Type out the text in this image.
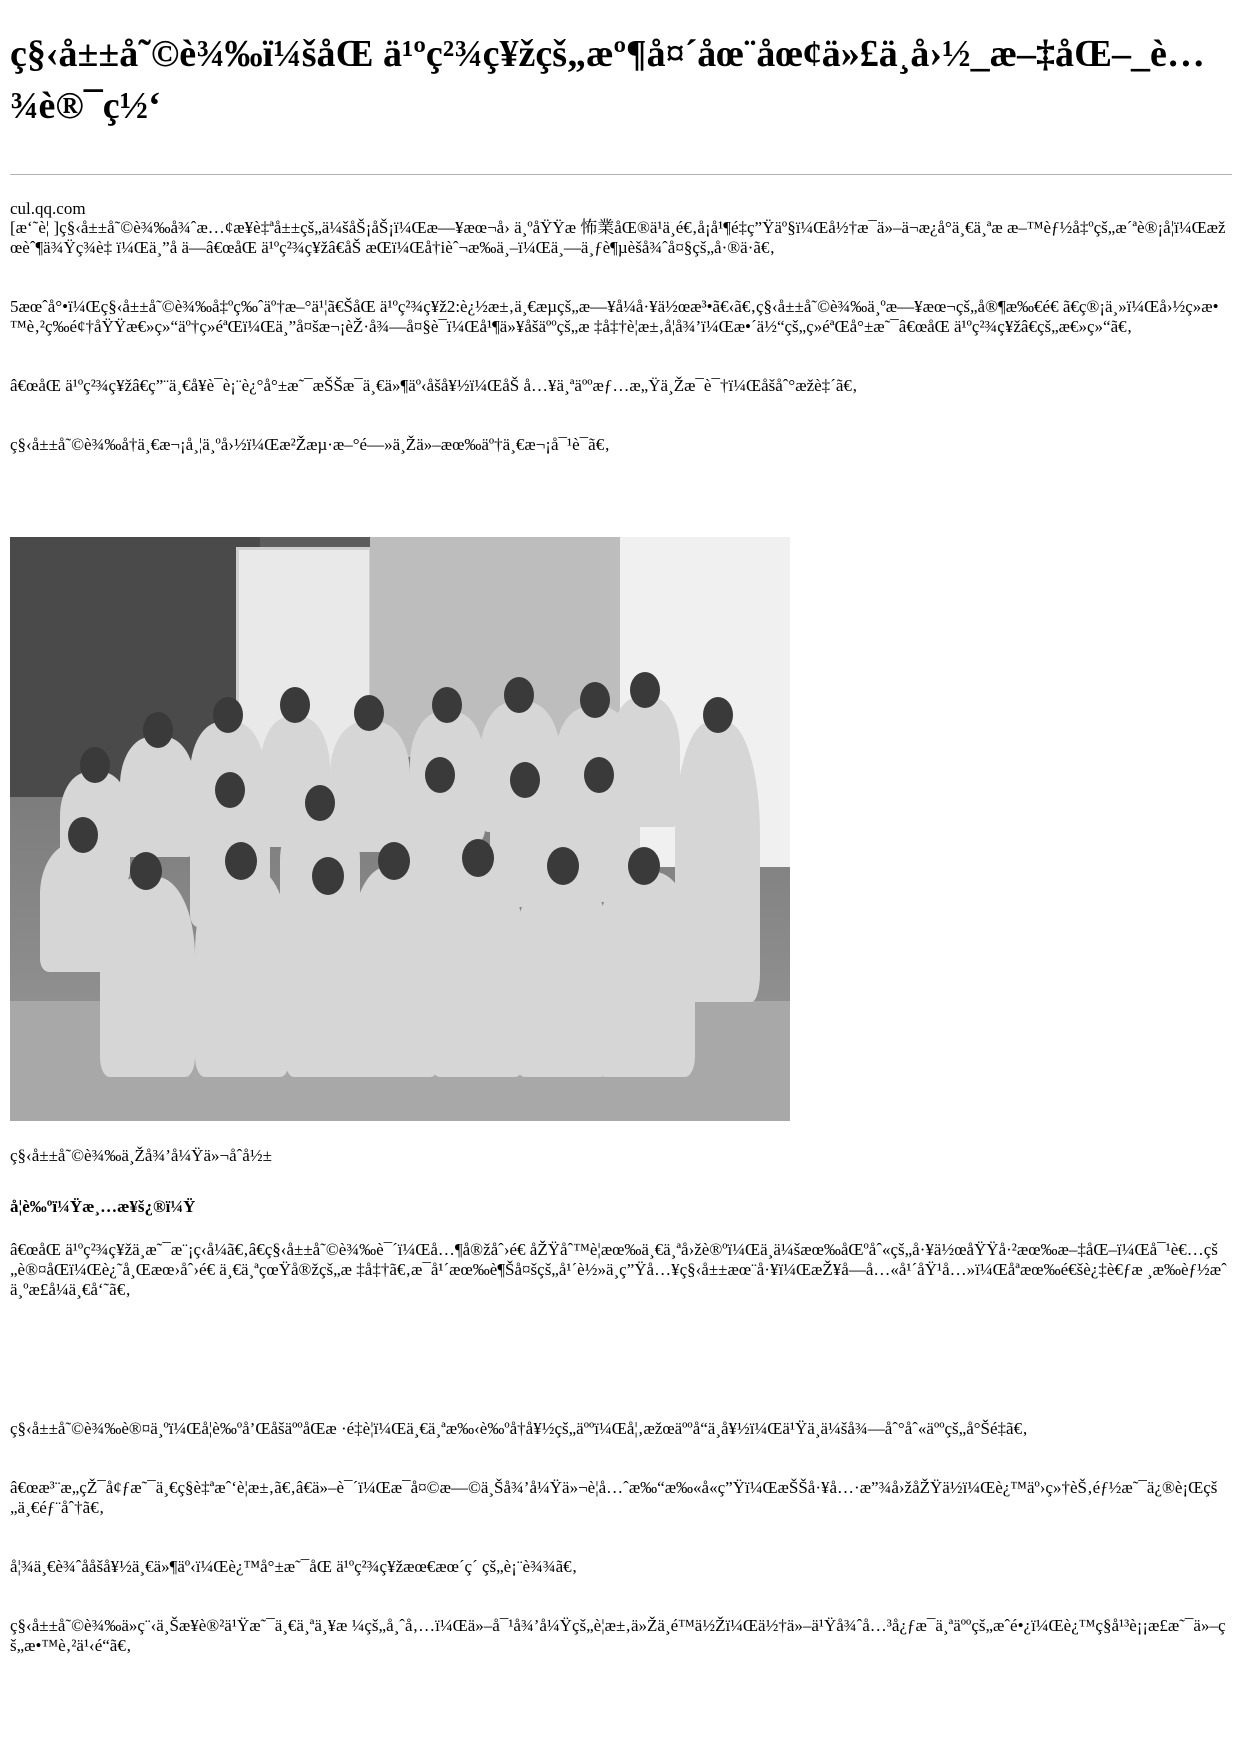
ç§‹å±±å˜©è¾‰ï¼šåŒ ä¹ºç²¾ç¥žçš„æº¶å¤´åœ¨åœ¢ä»£ä¸å›½_æ–‡åŒ–_è…¾è®¯ç½‘
cul.qq.com

[æ‘˜è¦ ]ç§‹å±±å˜©è¾‰å¾ˆæ…¢æ¥è‡ªå±±çš„ä¼šåŠ¡åŠ¡ï¼Œæ—¥æœ¬å› ä¸ºåŸŸæ 怖業åŒ®ä¹ä¸é€‚å¡å¹¶é‡ç”Ÿäº§ï¼Œå½†æ¯ä»–ä¬æ¿å°ä¸€ä¸ªæ æ–™èƒ½å‡ºçš„æ´ªè®¡å¦ï¼Œæžœèˆ¶ä¾Ÿç¾è‡ ï¼Œä¸”å ä—â€œåŒ ä¹ºç²¾ç¥žâ€åŠ æŒï¼Œå†ièˆ¬æ‰ä¸–ï¼Œä¸—ä¸ƒè¶µèšå¾ˆå¤§çš„å·®ä·ã€‚

5æœˆå°•ï¼Œç§‹å±±å˜©è¾‰å‡ºç‰ˆäº†æ–°ä¹¦ã€ŠåŒ ä¹ºç²¾ç¥ž2:è¿½æ±‚ä¸€æµçš„æ—¥å¼å·¥ä½œæ³•ã€‹ã€‚ç§‹å±±å˜©è¾‰ä¸ºæ—¥æœ¬çš„å®¶æ‰€é€ ã€ç®¡ä¸»ï¼Œå›½ç»æ•™è‚²ç‰é¢†åŸŸæ€»ç»“äº†ç»éªŒï¼Œä¸”å¤šæ¬¡èŽ·å¾—å¤§è¯ï¼Œå¹¶ä»¥åšäººçš„æ ‡å‡†è¦æ±‚å¦å¾’ï¼Œæ•´ä½“çš„ç»éªŒå°±æ˜¯â€œåŒ ä¹ºç²¾ç¥žâ€çš„æ€»ç»“ã€‚

â€œåŒ ä¹ºç²¾ç¥žâ€ç”¨ä¸€å¥è¯è¡¨è¿°å°±æ˜¯æŠŠæ¯ä¸€ä»¶äº‹åšå¥½ï¼ŒåŠ å…¥ä¸ªäººæƒ…æ„Ÿä¸Žæ¯è¯†ï¼Œåšåˆ°æžè‡´ã€‚

ç§‹å±±å˜©è¾‰å†ä¸€æ¬¡å¸¦ä¸ºå›½ï¼Œæ²Žæµ·æ–°é—»ä¸Žä»–æœ‰äº†ä¸€æ¬¡å¯¹è¯ã€‚

ç§‹å±±å˜©è¾‰ä¸Žå¾’å¼Ÿä»¬åˆå½±
å¦è‰ºï¼Ÿæ¸…æ¥š¿®ï¼Ÿ

â€œåŒ ä¹ºç²¾ç¥žä¸æ˜¯æ¨¡ç‹å¼ã€‚â€ç§‹å±±å˜©è¾‰è¯´ï¼Œå…¶å®žåˆ›é€ åŽŸåˆ™è¦æœ‰ä¸€ä¸ªå›žè®ºï¼Œä¸ä¼šæœ‰åŒºåˆ«çš„å·¥ä½œåŸŸå·²æœ‰æ–‡åŒ–ï¼Œå¯¹è€…çš„è®¤åŒï¼Œè¿˜å¸Œæœ›åˆ›é€ ä¸€ä¸ªçœŸå®žçš„æ ‡å‡†ã€‚æ¯å¹´æœ‰è¶Šå¤šçš„å¹´è½»ä¸ç”Ÿå…¥ç§‹å±±æœ¨å·¥ï¼ŒæŽ¥å—å…«å¹´åŸ¹å…»ï¼Œåªæœ‰é€šè¿‡è€ƒæ ¸æ‰èƒ½æˆä¸ºæ£å¼ä¸€å‘˜ã€‚

ç§‹å±±å˜©è¾‰è®¤ä¸ºï¼Œå¦è‰ºå’ŒåšäººåŒæ ·é‡è¦ï¼Œä¸€ä¸ªæ‰‹è‰ºå†å¥½çš„äººï¼Œå¦‚æžœäººå“ä¸å¥½ï¼Œä¹Ÿä¸ä¼šå¾—åˆ°åˆ«äººçš„å°Šé‡ã€‚

â€œæ³¨æ„çŽ¯å¢ƒæ˜¯ä¸€ç§è‡ªæˆ‘è¦æ±‚ã€‚â€ä»–è¯´ï¼Œæ¯å¤©æ—©ä¸Šå¾’å¼Ÿä»¬è¦å…ˆæ‰“æ‰«å«ç”Ÿï¼ŒæŠŠå·¥å…·æ”¾å›žåŽŸä½ï¼Œè¿™äº›ç»†èŠ‚éƒ½æ˜¯ä¿®è¡Œçš„ä¸€éƒ¨åˆ†ã€‚

å¦¾ä¸€è¾ˆååšå¥½ä¸€ä»¶äº‹ï¼Œè¿™å°±æ˜¯åŒ ä¹ºç²¾ç¥žæœ€æœ´ç´ çš„è¡¨è¾¾ã€‚

ç§‹å±±å˜©è¾‰ä»ç¨‹ä¸Šæ¥è®²ä¹Ÿæ˜¯ä¸€ä¸ªä¸¥æ ¼çš„å¸ˆå‚…ï¼Œä»–å¯¹å¾’å¼Ÿçš„è¦æ±‚ä»Žä¸é™ä½Žï¼Œä½†ä»–ä¹Ÿå¾ˆå…³å¿ƒæ¯ä¸ªäººçš„æˆé•¿ï¼Œè¿™ç§å¹³è¡¡æ£æ˜¯ä»–çš„æ•™è‚²ä¹‹é“ã€‚
